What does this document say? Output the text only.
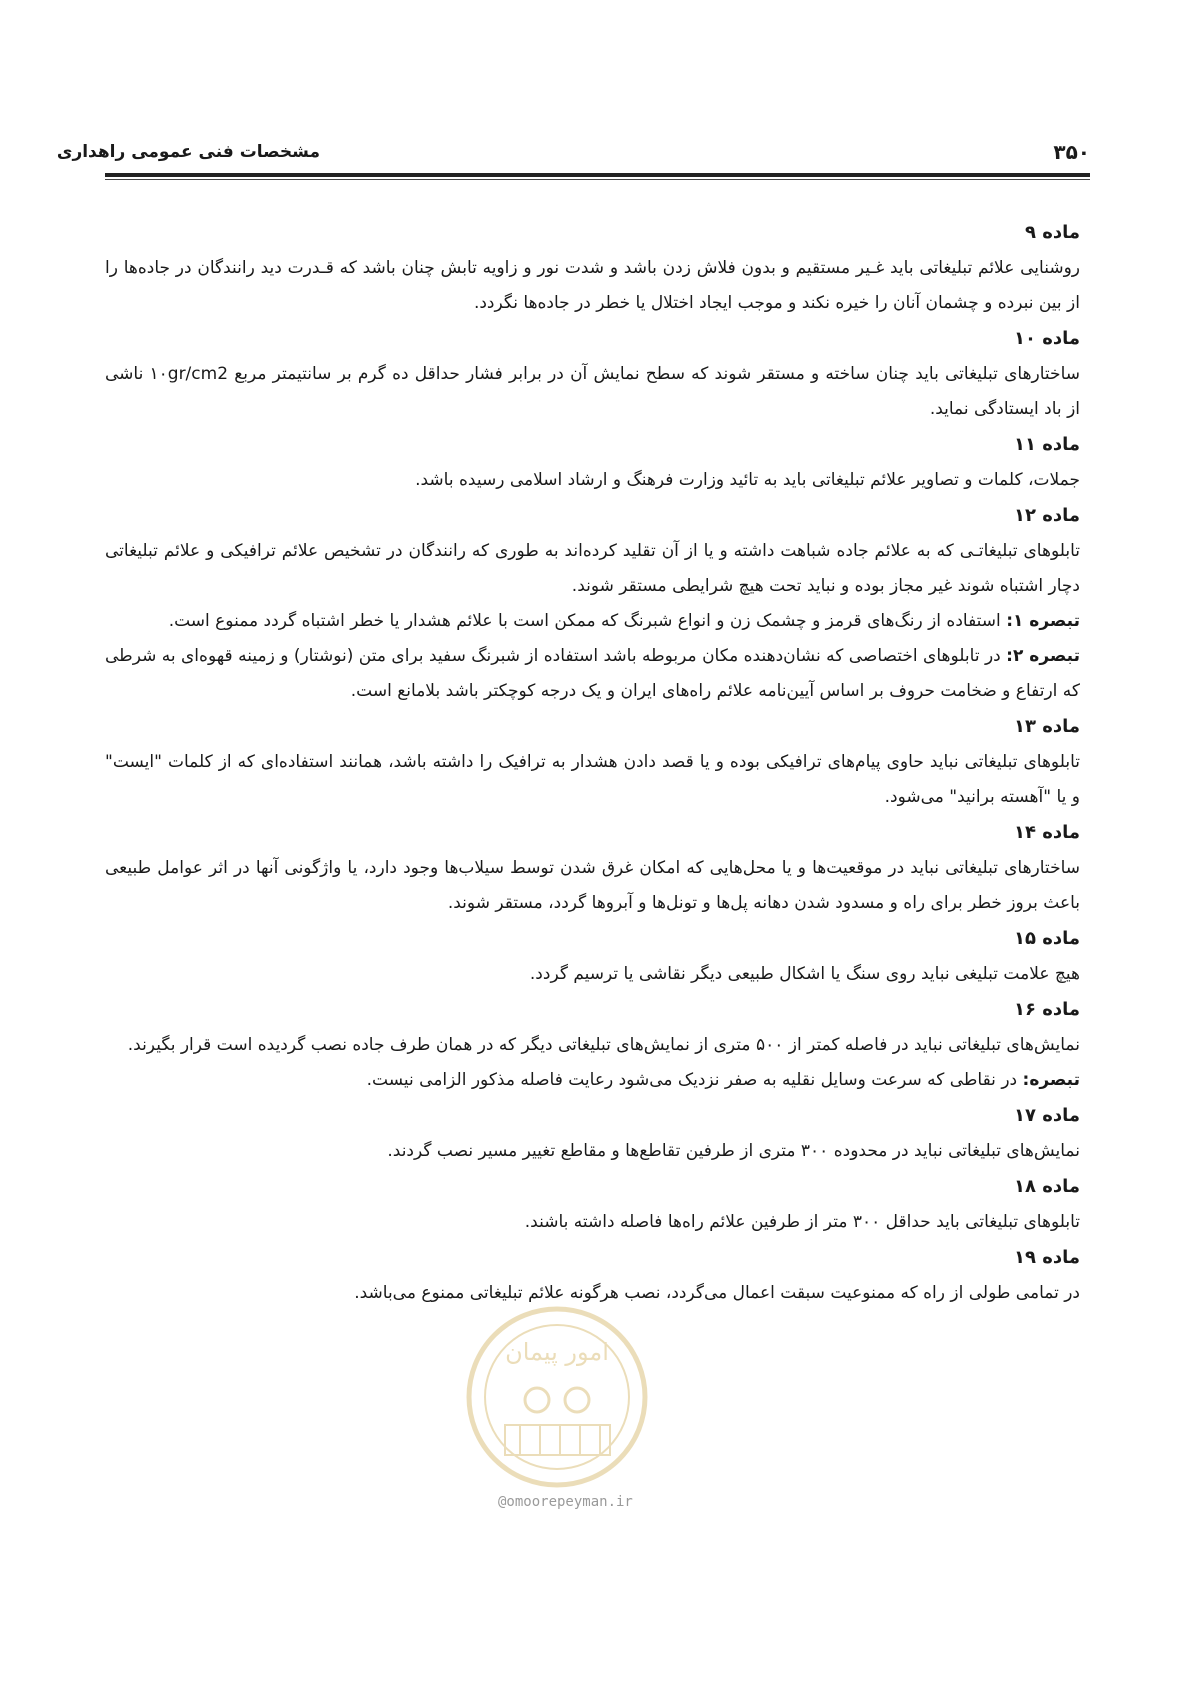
مشخصات فنی عمومی راهداری	۳۵۰
ماده ۹

روشنایی علائم تبلیغاتی باید غـیر مستقیم و بدون فلاش زدن باشد و شدت نور و زاویه تابش چنان باشد که قـدرت دید رانندگان در جاده‌ها را از بین نبرده و چشمان آنان را خیره نکند و موجب ایجاد اختلال یا خطر در جاده‌ها نگردد.

ماده ۱۰

ساختارهای تبلیغاتی باید چنان ساخته و مستقر شوند که سطح نمایش آن در برابر فشار حداقل ده گرم بر سانتیمتر مربع ۱۰gr/cm2 ناشی از باد ایستادگی نماید.

ماده ۱۱

جملات، کلمات و تصاویر علائم تبلیغاتی باید به تائید وزارت فرهنگ و ارشاد اسلامی رسیده باشد.

ماده ۱۲

تابلوهای تبلیغاتـی که به علائم جاده شباهت داشته و یا از آن تقلید کرده‌اند به طوری که رانندگان در تشخیص علائم ترافیکی و علائم تبلیغاتی دچار اشتباه شوند غیر مجاز بوده و نباید تحت هیچ شرایطی مستقر شوند.

تبصره ۱: استفاده از رنگ‌های قرمز و چشمک زن و انواع شبرنگ که ممکن است با علائم هشدار یا خطر اشتباه گردد ممنوع است.

تبصره ۲: در تابلوهای اختصاصی که نشان‌دهنده مکان مربوطه باشد استفاده از شبرنگ سفید برای متن (نوشتار) و زمینه قهوه‌ای به شرطی که ارتفاع و ضخامت حروف بر اساس آیین‌نامه علائم راه‌های ایران و یک درجه کوچکتر باشد بلامانع است.

ماده ۱۳

تابلوهای تبلیغاتی نباید حاوی پیام‌های ترافیکی بوده و یا قصد دادن هشدار به ترافیک را داشته باشد، همانند استفاده‌ای که از کلمات "ایست" و یا "آهسته برانید" می‌شود.

ماده ۱۴

ساختارهای تبلیغاتی نباید در موقعیت‌ها و یا محل‌هایی که امکان غرق شدن توسط سیلاب‌ها وجود دارد، یا واژگونی آنها در اثر عوامل طبیعی باعث بروز خطر برای راه و مسدود شدن دهانه پل‌ها و تونل‌ها و آبروها گردد، مستقر شوند.

ماده ۱۵

هیچ علامت تبلیغی نباید روی سنگ یا اشکال طبیعی دیگر نقاشی یا ترسیم گردد.

ماده ۱۶

نمایش‌های تبلیغاتی نباید در فاصله کمتر از ۵۰۰ متری از نمایش‌های تبلیغاتی دیگر که در همان طرف جاده نصب گردیده است قرار بگیرند.

تبصره: در نقاطی که سرعت وسایل نقلیه به صفر نزدیک می‌شود رعایت فاصله مذکور الزامی نیست.

ماده ۱۷

نمایش‌های تبلیغاتی نباید در محدوده ۳۰۰ متری از طرفین تقاطع‌ها و مقاطع تغییر مسیر نصب گردند.

ماده ۱۸

تابلوهای تبلیغاتی باید حداقل ۳۰۰ متر از طرفین علائم راه‌ها فاصله داشته باشند.

ماده ۱۹

در تمامی طولی از راه که ممنوعیت سبقت اعمال می‌گردد، نصب هرگونه علائم تبلیغاتی ممنوع می‌باشد.

امور پیمان
@omoorepeyman.ir
